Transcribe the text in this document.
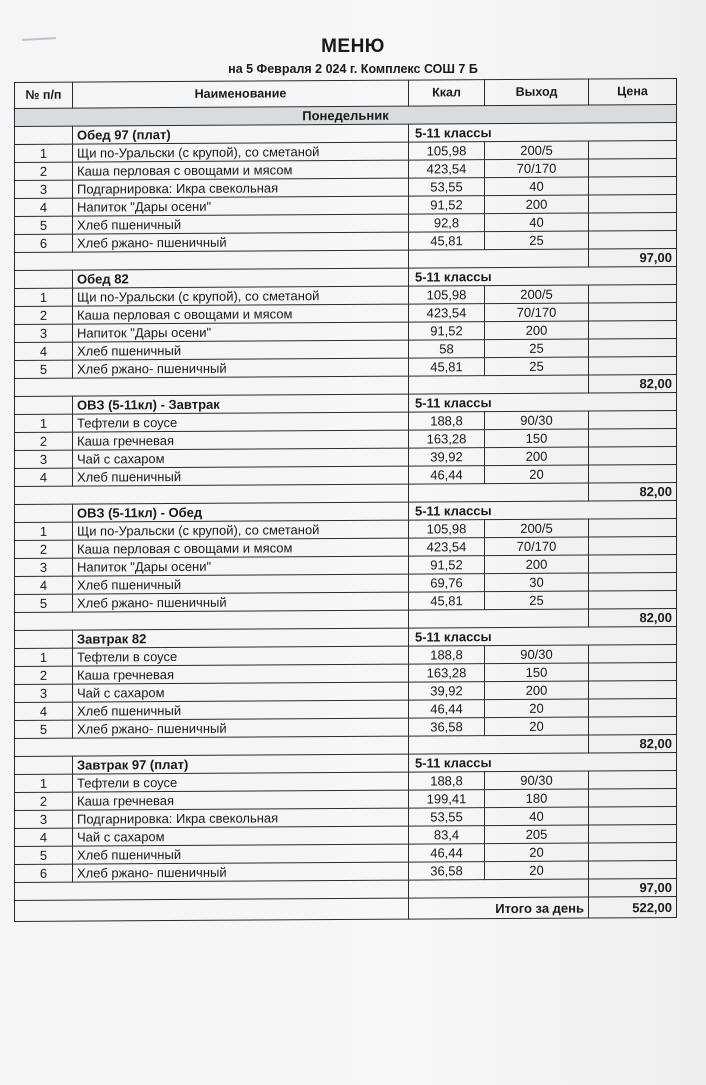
МЕНЮ
на 5 Февраля 2 024 г. Комплекс СОШ 7 Б
№ п/п	Наименование	Ккал	Выход	Цена
Понедельник				
	Обед 97 (плат)	5-11 классы		
1	Щи по-Уральски (с крупой), со сметаной	105,98	200/5	
2	Каша перловая с овощами и мясом	423,54	70/170	
3	Подгарнировка: Икра свекольная	53,55	40	
4	Напиток "Дары осени"	91,52	200	
5	Хлеб пшеничный	92,8	40	
6	Хлеб ржано- пшеничный	45,81	25	
				97,00
	Обед 82	5-11 классы		
1	Щи по-Уральски (с крупой), со сметаной	105,98	200/5	
2	Каша перловая с овощами и мясом	423,54	70/170	
3	Напиток "Дары осени"	91,52	200	
4	Хлеб пшеничный	58	25	
5	Хлеб ржано- пшеничный	45,81	25	
				82,00
	ОВЗ (5-11кл) - Завтрак	5-11 классы		
1	Тефтели в соусе	188,8	90/30	
2	Каша гречневая	163,28	150	
3	Чай с сахаром	39,92	200	
4	Хлеб пшеничный	46,44	20	
				82,00
	ОВЗ (5-11кл) - Обед	5-11 классы		
1	Щи по-Уральски (с крупой), со сметаной	105,98	200/5	
2	Каша перловая с овощами и мясом	423,54	70/170	
3	Напиток "Дары осени"	91,52	200	
4	Хлеб пшеничный	69,76	30	
5	Хлеб ржано- пшеничный	45,81	25	
				82,00
	Завтрак 82	5-11 классы		
1	Тефтели в соусе	188,8	90/30	
2	Каша гречневая	163,28	150	
3	Чай с сахаром	39,92	200	
4	Хлеб пшеничный	46,44	20	
5	Хлеб ржано- пшеничный	36,58	20	
				82,00
	Завтрак 97 (плат)	5-11 классы		
1	Тефтели в соусе	188,8	90/30	
2	Каша гречневая	199,41	180	
3	Подгарнировка: Икра свекольная	53,55	40	
4	Чай с сахаром	83,4	205	
5	Хлеб пшеничный	46,44	20	
6	Хлеб ржано- пшеничный	36,58	20	
				97,00
		Итого за день		522,00
